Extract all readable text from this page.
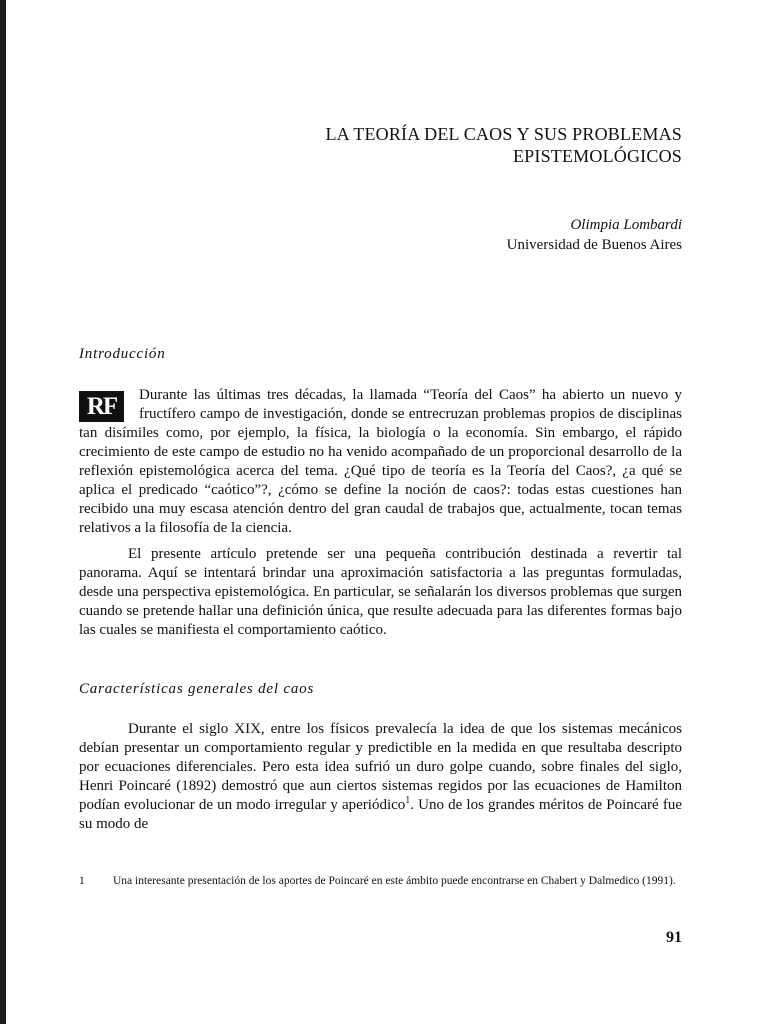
LA TEORÍA DEL CAOS Y SUS PROBLEMAS
EPISTEMOLÓGICOS
Olimpia Lombardi
Universidad de Buenos Aires
Introducción
RF	Durante las últimas tres décadas, la llamada “Teoría del Caos” ha abierto un nuevo y fructífero campo de investigación, donde se entrecruzan problemas propios de disciplinas tan disímiles como, por ejemplo, la física, la biología o la economía. Sin embargo, el rápido crecimiento de este campo de estudio no ha venido acompañado de un proporcional desarrollo de la reflexión epistemológica acerca del tema. ¿Qué tipo de teoría es la Teoría del Caos?, ¿a qué se aplica el predicado “caótico”?, ¿cómo se define la noción de caos?: todas estas cuestiones han recibido una muy escasa atención dentro del gran caudal de trabajos que, actualmente, tocan temas relativos a la filosofía de la ciencia.

El presente artículo pretende ser una pequeña contribución destinada a revertir tal panorama. Aquí se intentará brindar una aproximación satisfactoria a las preguntas formuladas, desde una perspectiva epistemológica. En particular, se señalarán los diversos problemas que surgen cuando se pretende hallar una definición única, que resulte adecuada para las diferentes formas bajo las cuales se manifiesta el comportamiento caótico.

Características generales del caos

Durante el siglo XIX, entre los físicos prevalecía la idea de que los sistemas mecánicos debían presentar un comportamiento regular y predictible en la medida en que resultaba descripto por ecuaciones diferenciales. Pero esta idea sufrió un duro golpe cuando, sobre finales del siglo, Henri Poincaré (1892) demostró que aun ciertos sistemas regidos por las ecuaciones de Hamilton podían evolucionar de un modo irregular y aperiódico$^1$. Uno de los grandes méritos de Poincaré fue su modo de

1 Una interesante presentación de los aportes de Poincaré en este ámbito puede encontrarse en Chabert y Dalmedico (1991).
91
